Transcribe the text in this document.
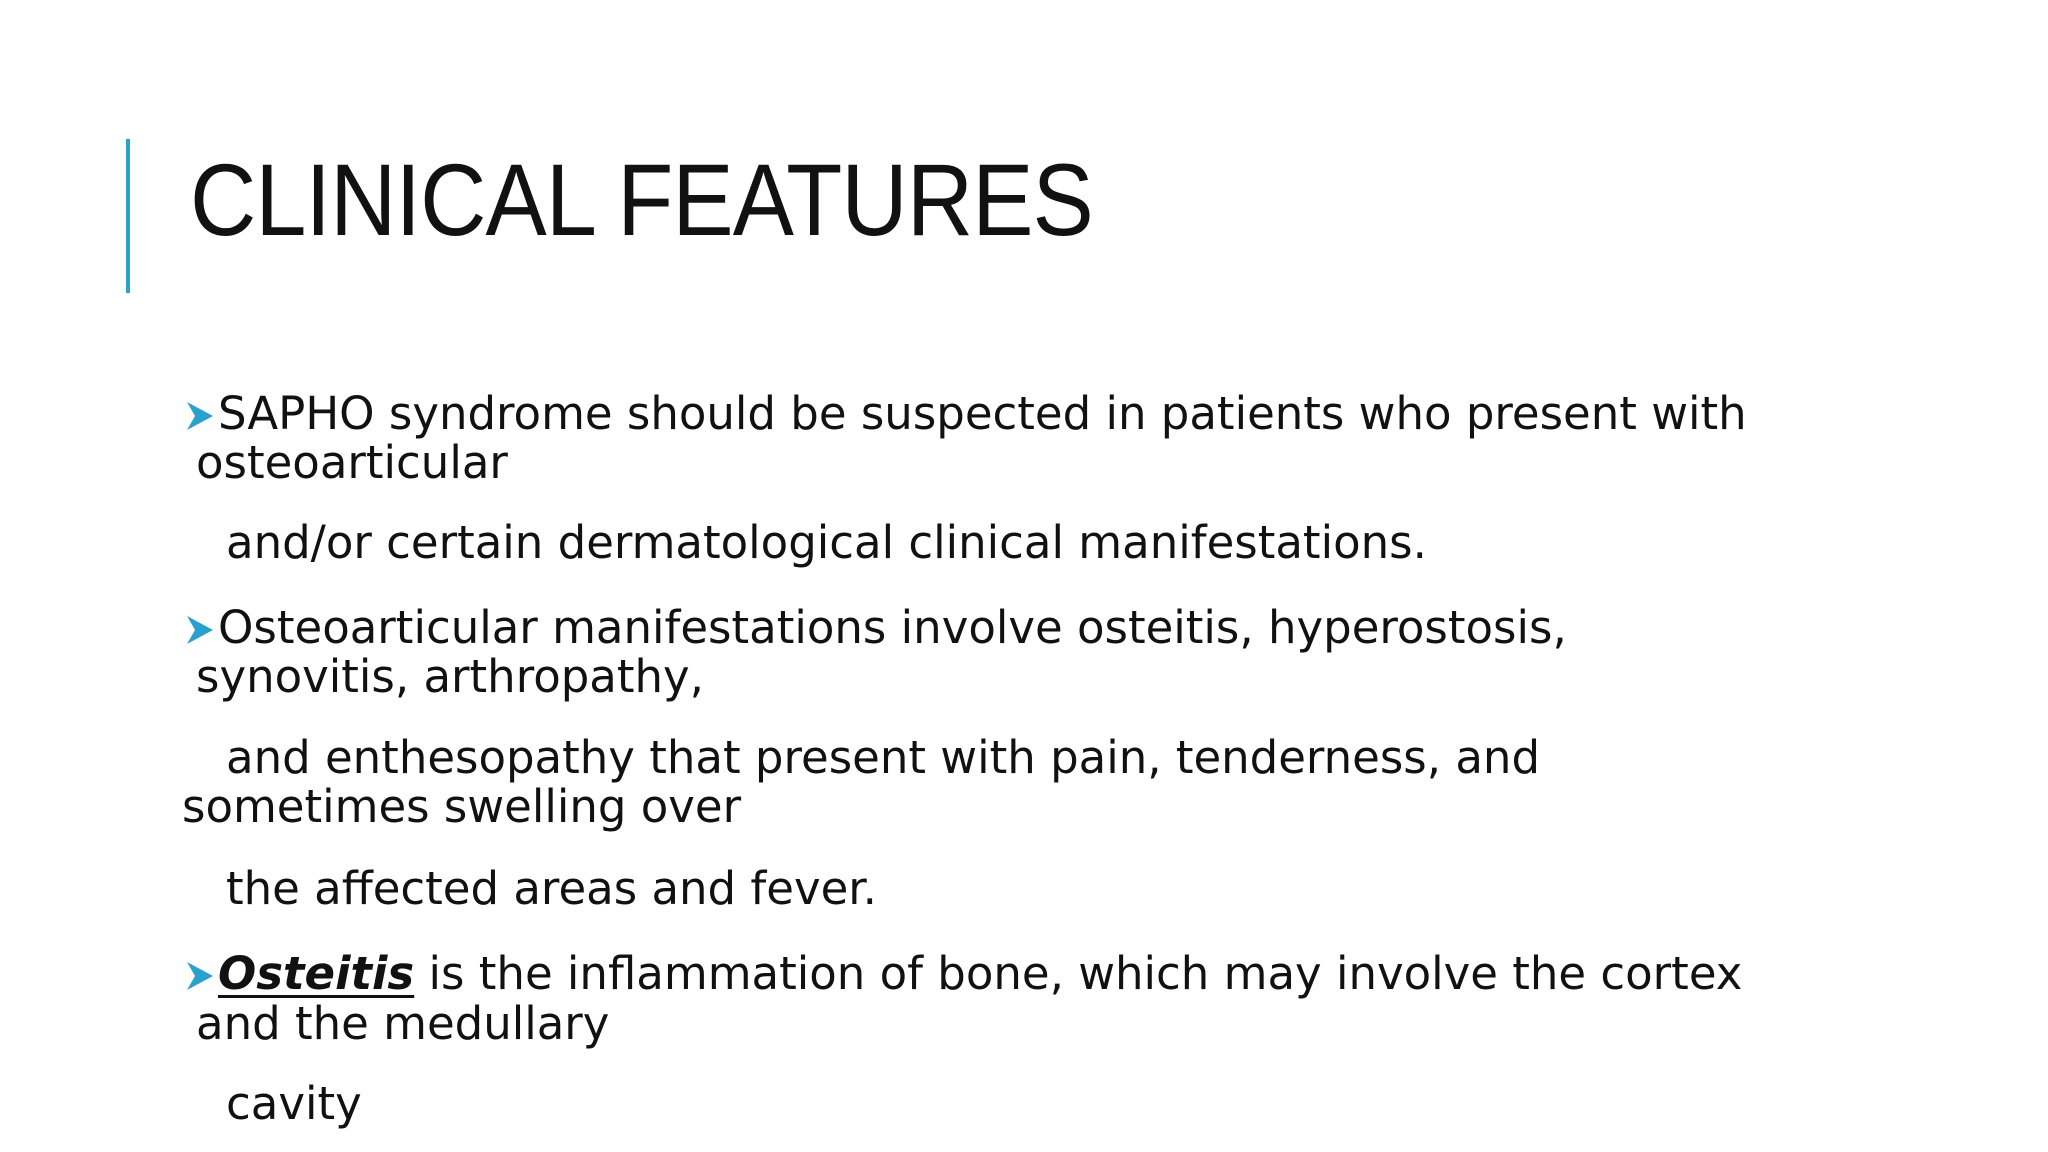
CLINICAL FEATURES
SAPHO syndrome should be suspected in patients who present with
osteoarticular
and/or certain dermatological clinical manifestations.
Osteoarticular manifestations involve osteitis, hyperostosis,
synovitis, arthropathy,
and enthesopathy that present with pain, tenderness, and
sometimes swelling over
the affected areas and fever.
Osteitis is the inflammation of bone, which may involve the cortex
and the medullary
cavity
